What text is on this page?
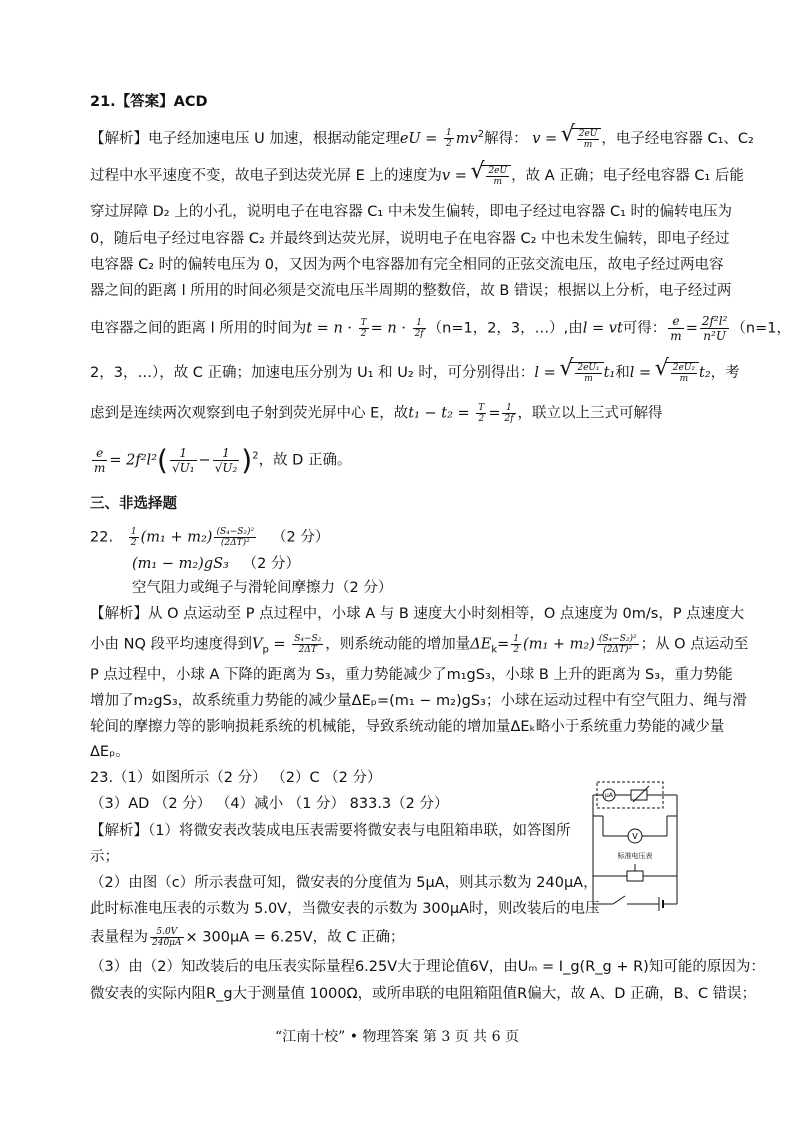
21.【答案】ACD
【解析】电子经加速电压 U 加速，根据动能定理eU = $\frac{1}{2} mv^2$解得： v = √ $\frac{2eU}{m}$ ，电子经电容器 C₁、C₂
过程中水平速度不变，故电子到达荧光屏 E 上的速度为v = √ $\frac{2eU}{m}$ ，故 A 正确；电子经电容器 C₁ 后能
穿过屏障 D₂ 上的小孔，说明电子在电容器 C₁ 中未发生偏转，即电子经过电容器 C₁ 时的偏转电压为
0，随后电子经过电容器 C₂ 并最终到达荧光屏，说明电子在电容器 C₂ 中也未发生偏转，即电子经过
电容器 C₂ 时的偏转电压为 0，又因为两个电容器加有完全相同的正弦交流电压，故电子经过两电容
器之间的距离 l 所用的时间必须是交流电压半周期的整数倍，故 B 错误；根据以上分析，电子经过两
电容器之间的距离 l 所用的时间为$t = n \cdot \frac{T}{2} = n \cdot \frac{1}{2f} (n=1$，2，3，…）,由l = vt可得： $\frac{e}{m} = \frac{\text{2f²l²}}{\text{n²U}} (n=1$，
2，3，…），故 C 正确；加速电压分别为 U₁ 和 U₂ 时，可分别得出：l = √ $\frac{\text{2eU₁}}{m} t_1$和l = √ $\frac{\text{2eU₂}}{m} t_2$，考
虑到是连续两次观察到电子射到荧光屏中心 E，故$t_1 - t_2 = \frac{T}{2} = \frac{1}{2f}$ ，联立以上三式可解得
$\frac{e}{m} = 2f^2l^2( \frac{1}{\text{√U₁}} - \frac{1}{\text{√U₂}} )^2$，故 D 正确。
三、非选择题
22. $\frac{1}{2} (m_1 + m_2) \frac{\text{(S₄−S₂)²}}{\text{(2ΔT)²}} (2$ 分）
(m₁ − m₂)gS₃ （2 分）
空气阻力或绳子与滑轮间摩擦力（2 分）
【解析】从 O 点运动至 P 点过程中，小球 A 与 B 速度大小时刻相等，O 点速度为 0m/s，P 点速度大
小由 NQ 段平均速度得到$V_p = \frac{\text{S₄−S₂}}{2\Delta T}$ ，则系统动能的增加量$\Delta E_k= \frac{1}{2} (m_1 + m_2) \frac{\text{(S₄−S₂)²}}{\text{(2ΔT)²}}$ ；从 O 点运动至
P 点过程中，小球 A 下降的距离为 S₃，重力势能减少了m₁gS₃，小球 B 上升的距离为 S₃，重力势能
增加了m₂gS₃，故系统重力势能的减少量ΔEₚ=(m₁ − m₂)gS₃；小球在运动过程中有空气阻力、绳与滑
轮间的摩擦力等的影响损耗系统的机械能，导致系统动能的增加量ΔEₖ略小于系统重力势能的减少量
ΔEₚ。
23.（1）如图所示（2 分） （2）C （2 分）
（3）AD （2 分） （4）减小 （1 分） 833.3（2 分）
【解析】（1）将微安表改装成电压表需要将微安表与电阻箱串联，如答图所
示；
（2）由图（c）所示表盘可知，微安表的分度值为 5μA，则其示数为 240μA，
此时标准电压表的示数为 5.0V，当微安表的示数为 300μA时，则改装后的电压
表量程为 $\frac{5.0V}{240\mu A} \times 300\mu A = 6.25V$，故 C 正确；
（3）由（2）知改装后的电压表实际量程6.25V大于理论值6V，由Uₘ = I_g(R_g + R)知可能的原因为：
微安表的实际内阻R_g大于测量值 1000Ω，或所串联的电阻箱阻值R偏大，故 A、D 正确，B、C 错误；
μA
V
标准电压表
“江南十校” • 物理答案 第 3 页 共 6 页
